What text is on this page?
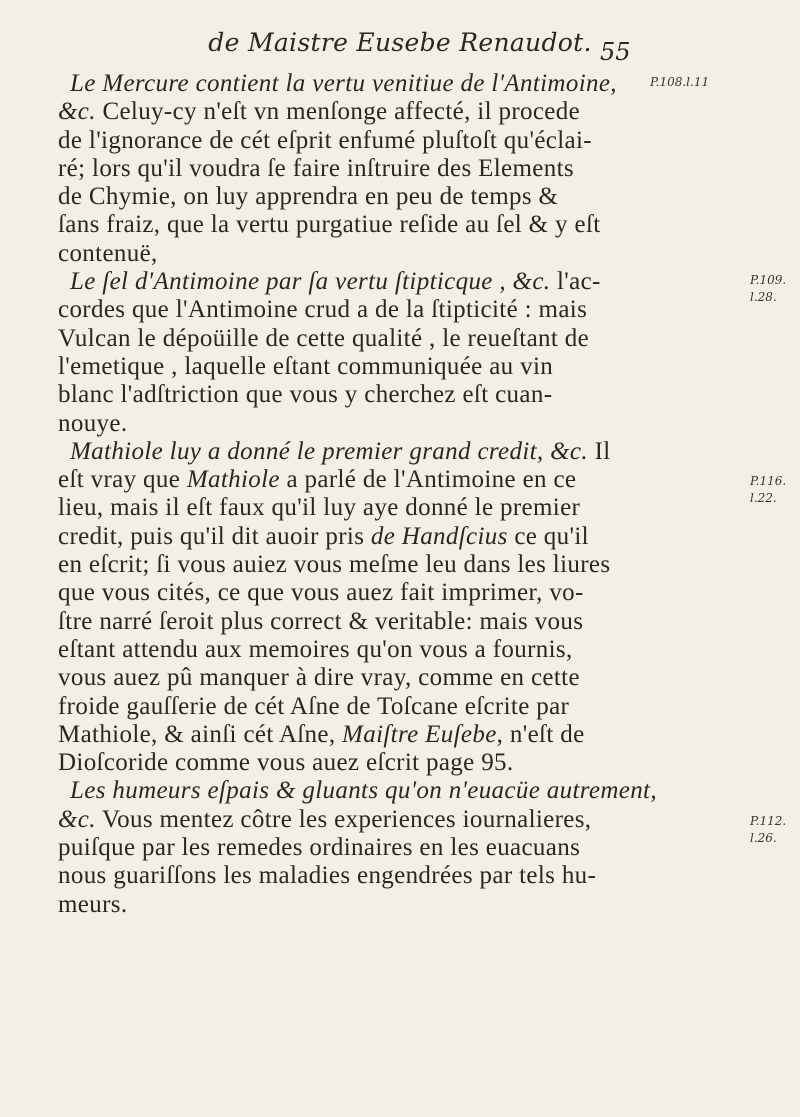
de Maistre Eusebe Renaudot. 55
Le Mercure contient la vertu venitiue de l'Antimoine,
&c. Celuy-cy n'eſt vn menſonge affecté, il procede
de l'ignorance de cét eſprit enfumé pluſtoſt qu'éclai-
ré; lors qu'il voudra ſe faire inſtruire des Elements
de Chymie, on luy apprendra en peu de temps &
ſans fraiz, que la vertu purgatiue reſide au ſel & y eſt
contenuë,
Le ſel d'Antimoine par ſa vertu ſtipticque , &c. l'ac-
cordes que l'Antimoine crud a de la ſtipticité : mais
Vulcan le dépoüille de cette qualité , le reueſtant de
l'emetique , laquelle eſtant communiquée au vin
blanc l'adſtriction que vous y cherchez eſt cuan-
nouye.
Mathiole luy a donné le premier grand credit, &c. Il
eſt vray que Mathiole a parlé de l'Antimoine en ce
lieu, mais il eſt faux qu'il luy aye donné le premier
credit, puis qu'il dit auoir pris de Handſcius ce qu'il
en eſcrit; ſi vous auiez vous meſme leu dans les liures
que vous cités, ce que vous auez fait imprimer, vo-
ſtre narré ſeroit plus correct & veritable: mais vous
eſtant attendu aux memoires qu'on vous a fournis,
vous auez pû manquer à dire vray, comme en cette
froide gauſſerie de cét Aſne de Toſcane eſcrite par
Mathiole, & ainſi cét Aſne, Maiſtre Euſebe, n'eſt de
Dioſcoride comme vous auez eſcrit page 95.
Les humeurs eſpais & gluants qu'on n'euacüe autrement,
&c. Vous mentez côtre les experiences iournalieres,
puiſque par les remedes ordinaires en les euacuans
nous guariſſons les maladies engendrées par tels hu-
meurs.
P.108.l.11
P.109.
l.28.
P.116.
l.22.
P.112.
l.26.
